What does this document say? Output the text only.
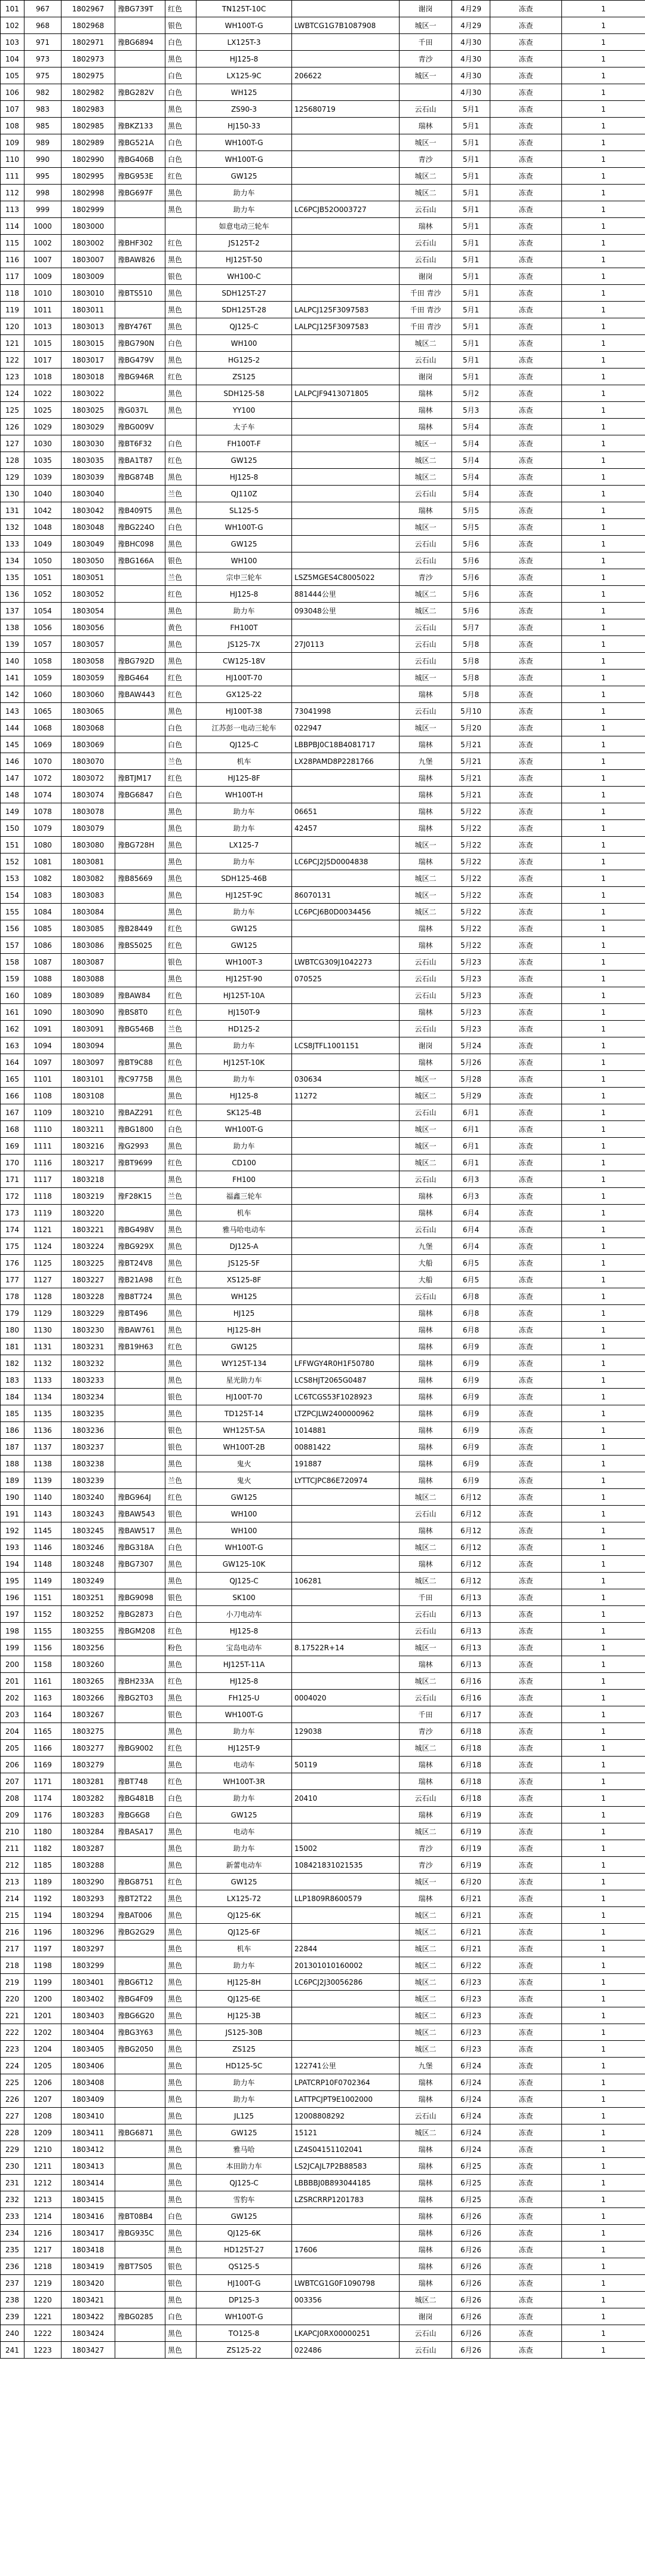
101	967	1802967	豫BG739T	红色	TN125T-10C		谢岗	4月29	冻查	1
102	968	1802968		银色	WH100T-G	LWBTCG1G7B1087908	城区一	4月29	冻查	1
103	971	1802971	豫BG6894	白色	LX125T-3		千田	4月30	冻查	1
104	973	1802973		黑色	HJ125-8		青沙	4月30	冻查	1
105	975	1802975		白色	LX125-9C	206622	城区一	4月30	冻查	1
106	982	1802982	豫BG282V	白色	WH125			4月30	冻查	1
107	983	1802983		黑色	ZS90-3	125680719	云石山	5月1	冻查	1
108	985	1802985	豫BKZ133	黑色	HJ150-33		瑞林	5月1	冻查	1
109	989	1802989	豫BG521A	白色	WH100T-G		城区一	5月1	冻查	1
110	990	1802990	豫BG406B	白色	WH100T-G		青沙	5月1	冻查	1
111	995	1802995	豫BG953E	红色	GW125		城区二	5月1	冻查	1
112	998	1802998	豫BG697F	黑色	助力车		城区二	5月1	冻查	1
113	999	1802999		黑色	助力车	LC6PCJB52O003727	云石山	5月1	冻查	1
114	1000	1803000			如意电动三轮车		瑞林	5月1	冻查	1
115	1002	1803002	豫BHF302	红色	JS125T-2		云石山	5月1	冻查	1
116	1007	1803007	豫BAW826	黑色	HJ125T-50		云石山	5月1	冻查	1
117	1009	1803009		银色	WH100-C		谢岗	5月1	冻查	1
118	1010	1803010	豫BTS510	黑色	SDH125T-27		千田 青沙	5月1	冻查	1
119	1011	1803011		黑色	SDH125T-28	LALPCJ125F3097583	千田 青沙	5月1	冻查	1
120	1013	1803013	豫BY476T	黑色	QJ125-C	LALPCJ125F3097583	千田 青沙	5月1	冻查	1
121	1015	1803015	豫BG790N	白色	WH100		城区二	5月1	冻查	1
122	1017	1803017	豫BG479V	黑色	HG125-2		云石山	5月1	冻查	1
123	1018	1803018	豫BG946R	红色	ZS125		谢岗	5月1	冻查	1
124	1022	1803022		黑色	SDH125-58	LALPCJF9413071805	瑞林	5月2	冻查	1
125	1025	1803025	豫G037L	黑色	YY100		瑞林	5月3	冻查	1
126	1029	1803029	豫BG009V		太子车		瑞林	5月4	冻查	1
127	1030	1803030	豫BT6F32	白色	FH100T-F		城区一	5月4	冻查	1
128	1035	1803035	豫BA1T87	红色	GW125		城区二	5月4	冻查	1
129	1039	1803039	豫BG874B	黑色	HJ125-8		城区二	5月4	冻查	1
130	1040	1803040		兰色	QJ110Z		云石山	5月4	冻查	1
131	1042	1803042	豫B409T5	黑色	SL125-5		瑞林	5月5	冻查	1
132	1048	1803048	豫BG224O	白色	WH100T-G		城区一	5月5	冻查	1
133	1049	1803049	豫BHC098	黑色	GW125		云石山	5月6	冻查	1
134	1050	1803050	豫BG166A	银色	WH100		云石山	5月6	冻查	1
135	1051	1803051		兰色	宗申三轮车	LSZ5MGES4C8005022	青沙	5月6	冻查	1
136	1052	1803052		红色	HJ125-8	881444公里	城区二	5月6	冻查	1
137	1054	1803054		黑色	助力车	093048公里	城区二	5月6	冻查	1
138	1056	1803056		黄色	FH100T		云石山	5月7	冻查	1
139	1057	1803057		黑色	JS125-7X	27J0113	云石山	5月8	冻查	1
140	1058	1803058	豫BG792D	黑色	CW125-18V		云石山	5月8	冻查	1
141	1059	1803059	豫BG464	红色	HJ100T-70		城区一	5月8	冻查	1
142	1060	1803060	豫BAW443	红色	GX125-22		瑞林	5月8	冻查	1
143	1065	1803065		黑色	HJ100T-38	73041998	云石山	5月10	冻查	1
144	1068	1803068		白色	江苏彭一电动三轮车	022947	城区一	5月20	冻查	1
145	1069	1803069		白色	QJ125-C	LBBPBJ0C18B4081717	瑞林	5月21	冻查	1
146	1070	1803070		兰色	机车	LX28PAMD8P2281766	九堡	5月21	冻查	1
147	1072	1803072	豫BTJM17	红色	HJ125-8F		瑞林	5月21	冻查	1
148	1074	1803074	豫BG6847	白色	WH100T-H		瑞林	5月21	冻查	1
149	1078	1803078		黑色	助力车	06651	瑞林	5月22	冻查	1
150	1079	1803079		黑色	助力车	42457	瑞林	5月22	冻查	1
151	1080	1803080	豫BG728H	黑色	LX125-7		城区一	5月22	冻查	1
152	1081	1803081		黑色	助力车	LC6PCJ2J5D0004838	瑞林	5月22	冻查	1
153	1082	1803082	豫B85669	黑色	SDH125-46B		城区二	5月22	冻查	1
154	1083	1803083		黑色	HJ125T-9C	86070131	城区一	5月22	冻查	1
155	1084	1803084		黑色	助力车	LC6PCJ6B0D0034456	城区二	5月22	冻查	1
156	1085	1803085	豫B28449	红色	GW125		瑞林	5月22	冻查	1
157	1086	1803086	豫BS5025	红色	GW125		瑞林	5月22	冻查	1
158	1087	1803087		银色	WH100T-3	LWBTCG309J1042273	云石山	5月23	冻查	1
159	1088	1803088		黑色	HJ125T-90	070525	云石山	5月23	冻查	1
160	1089	1803089	豫BAW84	红色	HJ125T-10A		云石山	5月23	冻查	1
161	1090	1803090	豫BS8T0	红色	HJ150T-9		瑞林	5月23	冻查	1
162	1091	1803091	豫BG546B	兰色	HD125-2		云石山	5月23	冻查	1
163	1094	1803094		黑色	助力车	LCS8JTFL1001151	谢岗	5月24	冻查	1
164	1097	1803097	豫BT9C88	红色	HJ125T-10K		瑞林	5月26	冻查	1
165	1101	1803101	豫C9775B	黑色	助力车	030634	城区一	5月28	冻查	1
166	1108	1803108		黑色	HJ125-8	11272	城区二	5月29	冻查	1
167	1109	1803210	豫BAZ291	红色	SK125-4B		云石山	6月1	冻查	1
168	1110	1803211	豫BG1800	白色	WH100T-G		城区一	6月1	冻查	1
169	1111	1803216	豫G2993	黑色	助力车		城区一	6月1	冻查	1
170	1116	1803217	豫BT9699	红色	CD100		城区二	6月1	冻查	1
171	1117	1803218		黑色	FH100		云石山	6月3	冻查	1
172	1118	1803219	豫F28K15	兰色	福鑫三轮车		瑞林	6月3	冻查	1
173	1119	1803220		黑色	机车		瑞林	6月4	冻查	1
174	1121	1803221	豫BG498V	黑色	雅马哈电动车		云石山	6月4	冻查	1
175	1124	1803224	豫BG929X	黑色	DJ125-A		九堡	6月4	冻查	1
176	1125	1803225	豫BT24V8	黑色	JS125-5F		大船	6月5	冻查	1
177	1127	1803227	豫B21A98	红色	XS125-8F		大船	6月5	冻查	1
178	1128	1803228	豫B8T724	黑色	WH125		云石山	6月8	冻查	1
179	1129	1803229	豫BT496	黑色	HJ125		瑞林	6月8	冻查	1
180	1130	1803230	豫BAW761	黑色	HJ125-8H		瑞林	6月8	冻查	1
181	1131	1803231	豫B19H63	红色	GW125		瑞林	6月9	冻查	1
182	1132	1803232		黑色	WY125T-134	LFFWGY4R0H1F50780	瑞林	6月9	冻查	1
183	1133	1803233		黑色	星光助力车	LCS8HJT2065G0487	瑞林	6月9	冻查	1
184	1134	1803234		银色	HJ100T-70	LC6TCGS53F1028923	瑞林	6月9	冻查	1
185	1135	1803235		黑色	TD125T-14	LTZPCJLW2400000962	瑞林	6月9	冻查	1
186	1136	1803236		银色	WH125T-5A	1014881	瑞林	6月9	冻查	1
187	1137	1803237		银色	WH100T-2B	00881422	瑞林	6月9	冻查	1
188	1138	1803238		黑色	鬼火	191887	瑞林	6月9	冻查	1
189	1139	1803239		兰色	鬼火	LYTTCJPC86E720974	瑞林	6月9	冻查	1
190	1140	1803240	豫BG964J	红色	GW125		城区二	6月12	冻查	1
191	1143	1803243	豫BAW543	银色	WH100		云石山	6月12	冻查	1
192	1145	1803245	豫BAW517	黑色	WH100		瑞林	6月12	冻查	1
193	1146	1803246	豫BG318A	白色	WH100T-G		城区二	6月12	冻查	1
194	1148	1803248	豫BG7307	黑色	GW125-10K		瑞林	6月12	冻查	1
195	1149	1803249		黑色	QJ125-C	106281	城区二	6月12	冻查	1
196	1151	1803251	豫BG9098	银色	SK100		千田	6月13	冻查	1
197	1152	1803252	豫BG2873	白色	小刀电动车		云石山	6月13	冻查	1
198	1155	1803255	豫BGM208	红色	HJ125-8		云石山	6月13	冻查	1
199	1156	1803256		粉色	宝岛电动车	8.17522R+14	城区一	6月13	冻查	1
200	1158	1803260		黑色	HJ125T-11A		瑞林	6月13	冻查	1
201	1161	1803265	豫BH233A	红色	HJ125-8		城区二	6月16	冻查	1
202	1163	1803266	豫BG2T03	黑色	FH125-U	0004020	云石山	6月16	冻查	1
203	1164	1803267		银色	WH100T-G		千田	6月17	冻查	1
204	1165	1803275		黑色	助力车	129038	青沙	6月18	冻查	1
205	1166	1803277	豫BG9002	红色	HJ125T-9		城区二	6月18	冻查	1
206	1169	1803279		黑色	电动车	50119	瑞林	6月18	冻查	1
207	1171	1803281	豫BT748	红色	WH100T-3R		瑞林	6月18	冻查	1
208	1174	1803282	豫BG481B	白色	助力车	20410	云石山	6月18	冻查	1
209	1176	1803283	豫BG6G8	白色	GW125		瑞林	6月19	冻查	1
210	1180	1803284	豫BASA17	黑色	电动车		城区二	6月19	冻查	1
211	1182	1803287		黑色	助力车	15002	青沙	6月19	冻查	1
212	1185	1803288		黑色	新蕾电动车	108421831021535	青沙	6月19	冻查	1
213	1189	1803290	豫BG8751	红色	GW125		城区一	6月20	冻查	1
214	1192	1803293	豫BT2T22	黑色	LX125-72	LLP1809R8600579	瑞林	6月21	冻查	1
215	1194	1803294	豫BAT006	黑色	QJ125-6K		城区二	6月21	冻查	1
216	1196	1803296	豫BG2G29	黑色	QJ125-6F		城区二	6月21	冻查	1
217	1197	1803297		黑色	机车	22844	城区二	6月21	冻查	1
218	1198	1803299		黑色	助力车	201301010160002	城区二	6月22	冻查	1
219	1199	1803401	豫BG6T12	黑色	HJ125-8H	LC6PCJ2J30056286	城区二	6月23	冻查	1
220	1200	1803402	豫BG4F09	黑色	QJ125-6E		城区二	6月23	冻查	1
221	1201	1803403	豫BG6G20	黑色	HJ125-3B		城区二	6月23	冻查	1
222	1202	1803404	豫BG3Y63	黑色	JS125-30B		城区二	6月23	冻查	1
223	1204	1803405	豫BG2050	黑色	ZS125		城区二	6月23	冻查	1
224	1205	1803406		黑色	HD125-5C	122741公里	九堡	6月24	冻查	1
225	1206	1803408		黑色	助力车	LPATCRP10F0702364	瑞林	6月24	冻查	1
226	1207	1803409		黑色	助力车	LATTPCJPT9E1002000	瑞林	6月24	冻查	1
227	1208	1803410		黑色	JL125	12008808292	云石山	6月24	冻查	1
228	1209	1803411	豫BG6871	黑色	GW125	15121	城区二	6月24	冻查	1
229	1210	1803412		黑色	雅马哈	LZ4S04151102041	瑞林	6月24	冻查	1
230	1211	1803413		黑色	本田助力车	LS2JCAJL7P2B88583	瑞林	6月25	冻查	1
231	1212	1803414		黑色	QJ125-C	LBBBBJ0B893044185	瑞林	6月25	冻查	1
232	1213	1803415		黑色	雪豹车	LZSRCRRP1201783	瑞林	6月25	冻查	1
233	1214	1803416	豫BT08B4	白色	GW125		瑞林	6月26	冻查	1
234	1216	1803417	豫BG935C	黑色	QJ125-6K		瑞林	6月26	冻查	1
235	1217	1803418		黑色	HD125T-27	17606	瑞林	6月26	冻查	1
236	1218	1803419	豫BT7S05	银色	QS125-5		瑞林	6月26	冻查	1
237	1219	1803420		银色	HJ100T-G	LWBTCG1G0F1090798	瑞林	6月26	冻查	1
238	1220	1803421		黑色	DP125-3	003356	城区二	6月26	冻查	1
239	1221	1803422	豫BG0285	白色	WH100T-G		谢岗	6月26	冻查	1
240	1222	1803424		黑色	TO125-8	LKAPCJ0RX00000251	云石山	6月26	冻查	1
241	1223	1803427		黑色	ZS125-22	022486	云石山	6月26	冻查	1
